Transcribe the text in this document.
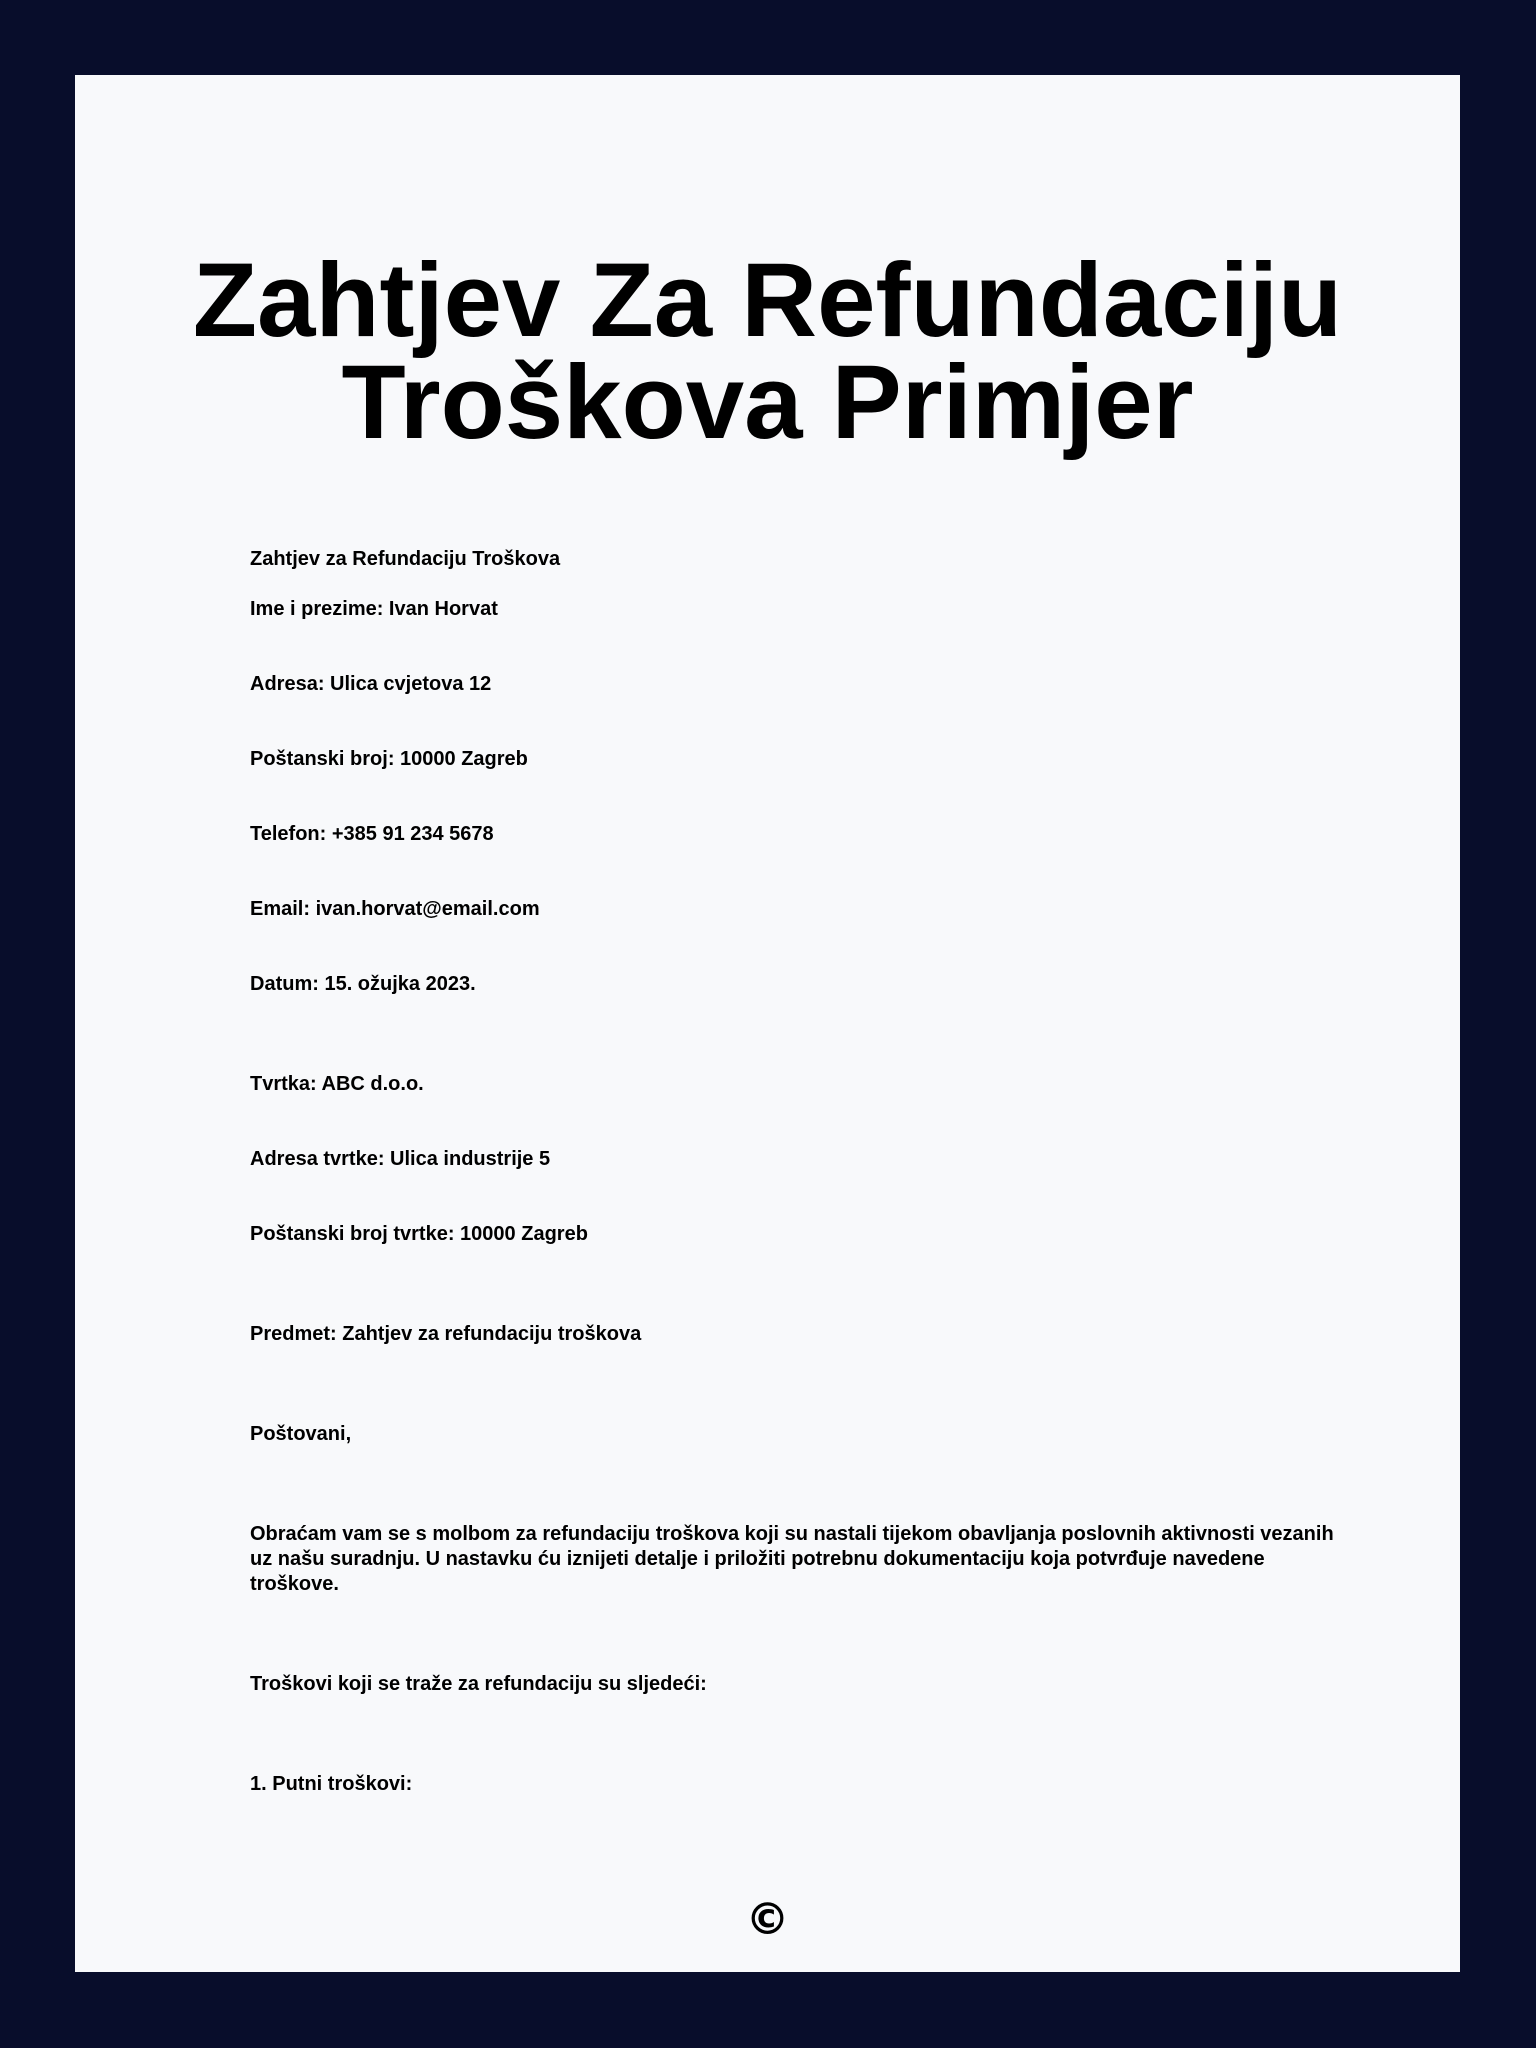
Zahtjev Za Refundaciju
Troškova Primjer

Zahtjev za Refundaciju Troškova

Ime i prezime: Ivan Horvat

Adresa: Ulica cvjetova 12

Poštanski broj: 10000 Zagreb

Telefon: +385 91 234 5678

Email: ivan.horvat@email.com

Datum: 15. ožujka 2023.

Tvrtka: ABC d.o.o.

Adresa tvrtke: Ulica industrije 5

Poštanski broj tvrtke: 10000 Zagreb

Predmet: Zahtjev za refundaciju troškova

Poštovani,

Obraćam vam se s molbom za refundaciju troškova koji su nastali tijekom obavljanja poslovnih aktivnosti vezanih uz našu suradnju. U nastavku ću iznijeti detalje i priložiti potrebnu dokumentaciju koja potvrđuje navedene troškove.

Troškovi koji se traže za refundaciju su sljedeći:

1. Putni troškovi:

©
